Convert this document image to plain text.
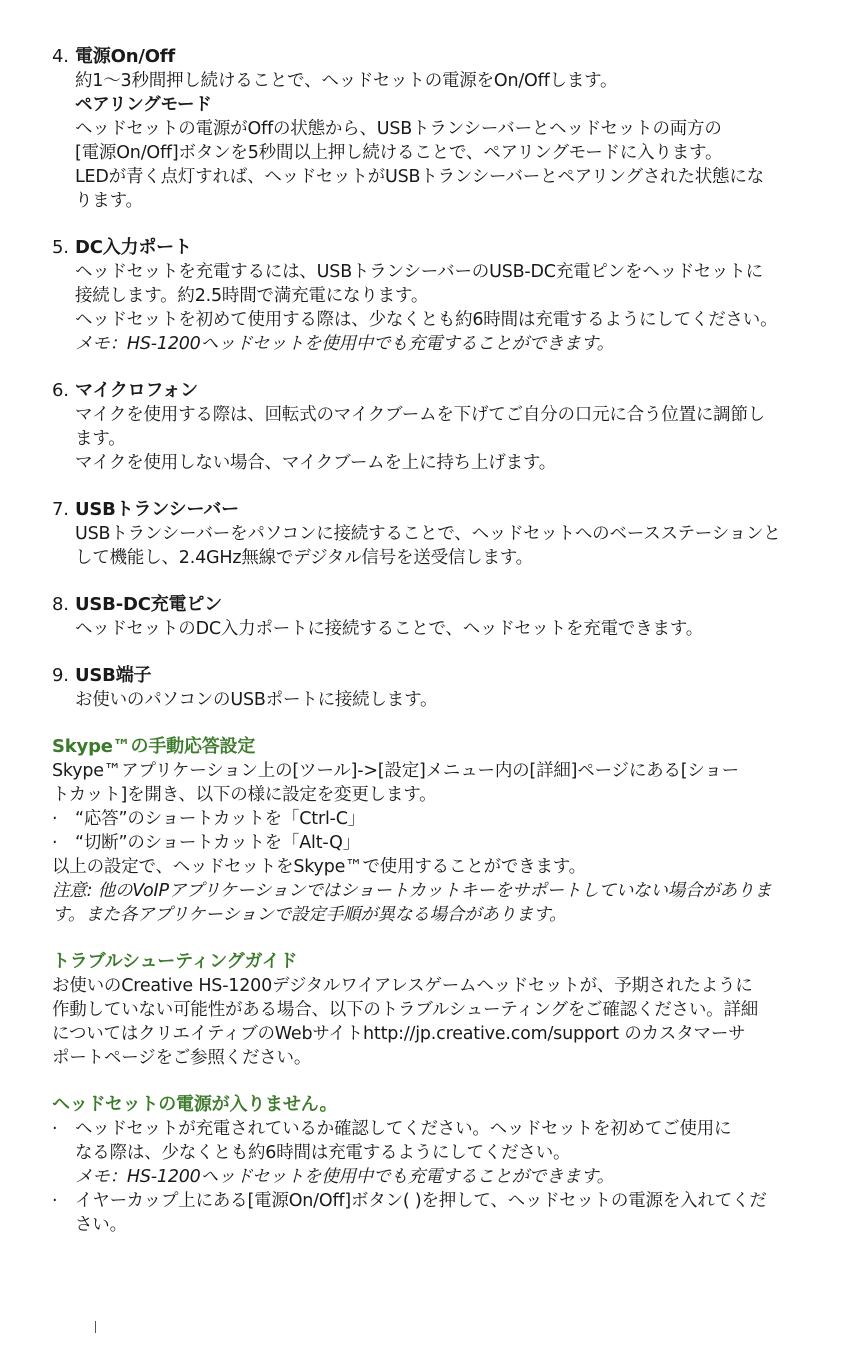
4. 電源On/Off
約1〜3秒間押し続けることで、ヘッドセットの電源をOn/Offします。
ペアリングモード
ヘッドセットの電源がOffの状態から、USBトランシーバーとヘッドセットの両方の
[電源On/Off]ボタンを5秒間以上押し続けることで、ペアリングモードに入ります。
LEDが青く点灯すれば、ヘッドセットがUSBトランシーバーとペアリングされた状態にな
ります。
5. DC入力ポート
ヘッドセットを充電するには、USBトランシーバーのUSB-DC充電ピンをヘッドセットに
接続します。約2.5時間で満充電になります。
ヘッドセットを初めて使用する際は、少なくとも約6時間は充電するようにしてください。
メモ：HS-1200ヘッドセットを使用中でも充電することができます。
6. マイクロフォン
マイクを使用する際は、回転式のマイクブームを下げてご自分の口元に合う位置に調節し
ます。
マイクを使用しない場合、マイクブームを上に持ち上げます。
7. USBトランシーバー
USBトランシーバーをパソコンに接続することで、ヘッドセットへのベースステーションと
して機能し、2.4GHz無線でデジタル信号を送受信します。
8. USB-DC充電ピン
ヘッドセットのDC入力ポートに接続することで、ヘッドセットを充電できます。
9. USB端子
お使いのパソコンのUSBポートに接続します。
Skype™の手動応答設定
Skype™アプリケーション上の[ツール]->[設定]メニュー内の[詳細]ページにある[ショー
トカット]を開き、以下の様に設定を変更します。
·	“応答”のショートカットを「Ctrl-C」
·	“切断”のショートカットを「Alt-Q」
以上の設定で、ヘッドセットをSkype™で使用することができます。
注意: 他のVoIPアプリケーションではショートカットキーをサポートしていない場合がありま
す。また各アプリケーションで設定手順が異なる場合があります。
トラブルシューティングガイド
お使いのCreative HS-1200デジタルワイアレスゲームヘッドセットが、予期されたように
作動していない可能性がある場合、以下のトラブルシューティングをご確認ください。詳細
についてはクリエイティブのWebサイトhttp://jp.creative.com/support のカスタマーサ
ポートページをご参照ください。
ヘッドセットの電源が入りません。
·	ヘッドセットが充電されているか確認してください。ヘッドセットを初めてご使用に
なる際は、少なくとも約6時間は充電するようにしてください。
メモ：HS-1200ヘッドセットを使用中でも充電することができます。
·	イヤーカップ上にある[電源On/Off]ボタン( )を押して、ヘッドセットの電源を入れてくだ
さい。
